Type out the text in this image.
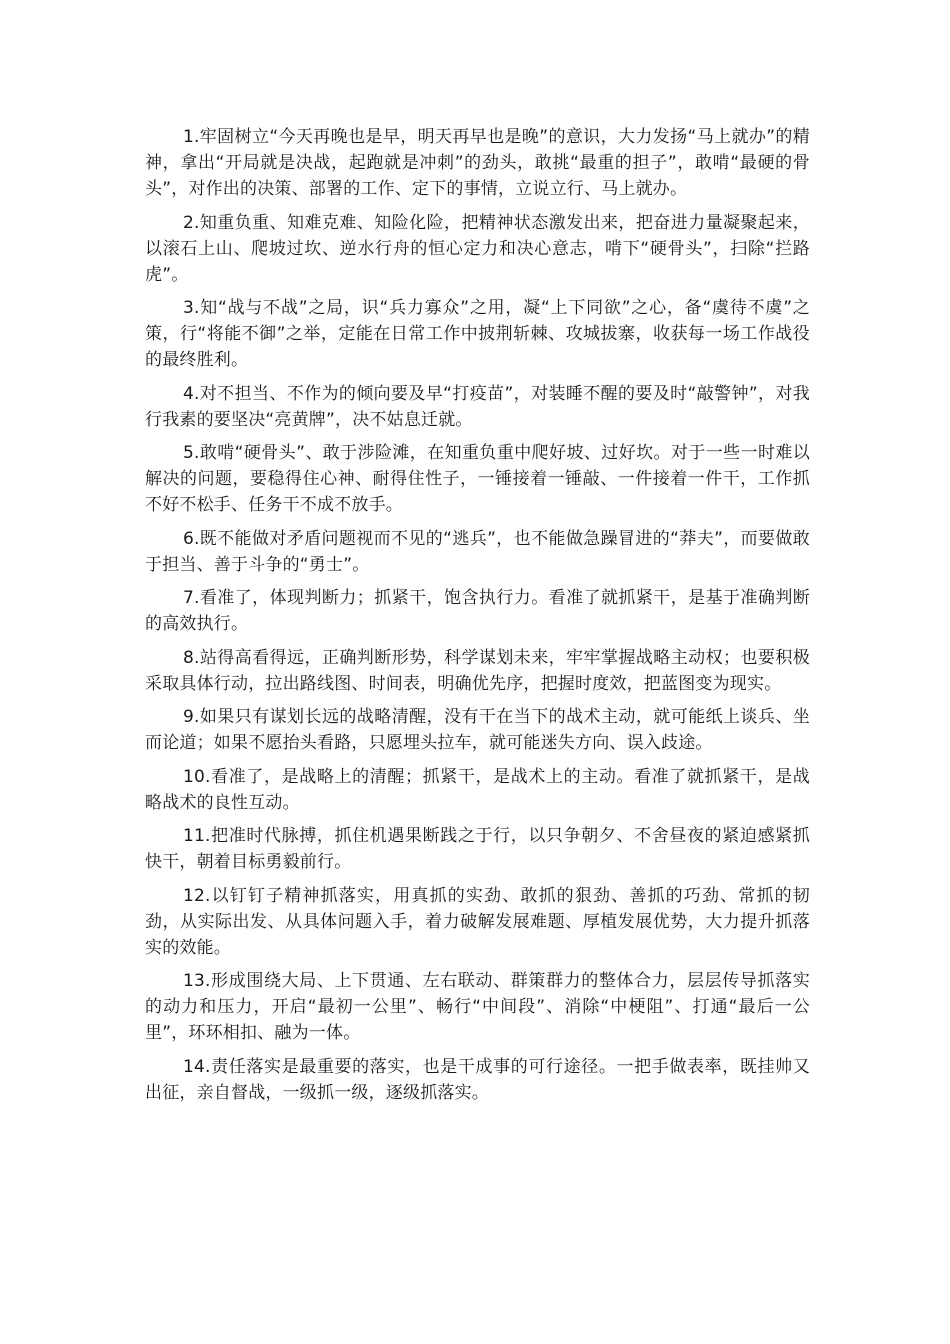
1.牢固树立“今天再晚也是早，明天再早也是晚”的意识，大力发扬“马上就办”的精神，拿出“开局就是决战，起跑就是冲刺”的劲头，敢挑“最重的担子”，敢啃“最硬的骨头”，对作出的决策、部署的工作、定下的事情，立说立行、马上就办。

2.知重负重、知难克难、知险化险，把精神状态激发出来，把奋进力量凝聚起来，以滚石上山、爬坡过坎、逆水行舟的恒心定力和决心意志，啃下“硬骨头”，扫除“拦路虎”。

3.知“战与不战”之局，识“兵力寡众”之用，凝“上下同欲”之心，备“虞待不虞”之策，行“将能不御”之举，定能在日常工作中披荆斩棘、攻城拔寨，收获每一场工作战役的最终胜利。

4.对不担当、不作为的倾向要及早“打疫苗”，对装睡不醒的要及时“敲警钟”，对我行我素的要坚决“亮黄牌”，决不姑息迁就。

5.敢啃“硬骨头”、敢于涉险滩，在知重负重中爬好坡、过好坎。对于一些一时难以解决的问题，要稳得住心神、耐得住性子，一锤接着一锤敲、一件接着一件干，工作抓不好不松手、任务干不成不放手。

6.既不能做对矛盾问题视而不见的“逃兵”，也不能做急躁冒进的“莽夫”，而要做敢于担当、善于斗争的“勇士”。

7.看准了，体现判断力；抓紧干，饱含执行力。看准了就抓紧干，是基于准确判断的高效执行。

8.站得高看得远，正确判断形势，科学谋划未来，牢牢掌握战略主动权；也要积极采取具体行动，拉出路线图、时间表，明确优先序，把握时度效，把蓝图变为现实。

9.如果只有谋划长远的战略清醒，没有干在当下的战术主动，就可能纸上谈兵、坐而论道；如果不愿抬头看路，只愿埋头拉车，就可能迷失方向、误入歧途。

10.看准了，是战略上的清醒；抓紧干，是战术上的主动。看准了就抓紧干，是战略战术的良性互动。

11.把准时代脉搏，抓住机遇果断践之于行，以只争朝夕、不舍昼夜的紧迫感紧抓快干，朝着目标勇毅前行。

12.以钉钉子精神抓落实，用真抓的实劲、敢抓的狠劲、善抓的巧劲、常抓的韧劲，从实际出发、从具体问题入手，着力破解发展难题、厚植发展优势，大力提升抓落实的效能。

13.形成围绕大局、上下贯通、左右联动、群策群力的整体合力，层层传导抓落实的动力和压力，开启“最初一公里”、畅行“中间段”、消除“中梗阻”、打通“最后一公里”，环环相扣、融为一体。

14.责任落实是最重要的落实，也是干成事的可行途径。一把手做表率，既挂帅又出征，亲自督战，一级抓一级，逐级抓落实。
